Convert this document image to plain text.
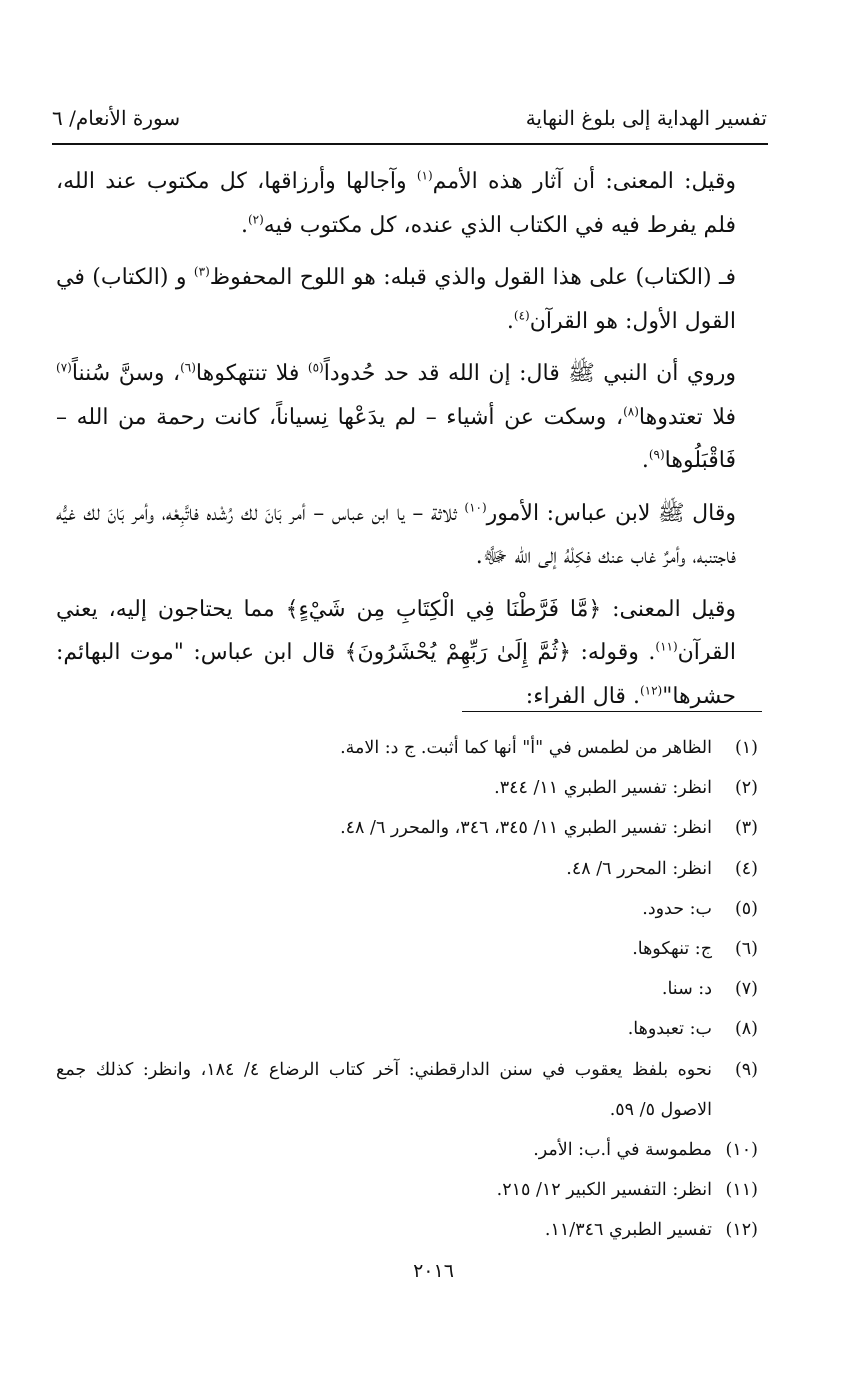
تفسير الهداية إلى بلوغ النهاية
سورة الأنعام/ ٦

وقيل: المعنى: أن آثار هذه الأمم$^{(١)}$ وآجالها وأرزاقها، كل مكتوب عند الله، فلم يفرط فيه في الكتاب الذي عنده، كل مكتوب فيه$^{(٢)}$.

فـ (الكتاب) على هذا القول والذي قبله: هو اللوح المحفوظ$^{(٣)}$ و (الكتاب) في القول الأول: هو القرآن$^{(٤)}$.

وروي أن النبي ﷺ قال: إن الله قد حد حُدوداً$^{(٥)}$ فلا تنتهكوها$^{(٦)}$، وسنَّ سُنناً$^{(٧)}$ فلا تعتدوها$^{(٨)}$، وسكت عن أشياء – لم يدَعْها نِسياناً، كانت رحمة من الله – فَاقْبَلُوها$^{(٩)}$.

وقال ﷺ لابن عباس: الأمور$^{(١٠)}$ ثلاثة – يا ابن عباس – أمر بَانَ لك رُشْده فاتَّبِعْه، وأمر بَانَ لك غيُّه فاجتنبه، وأمرٌ غاب عنك فكِلْهُ إلى الله ﷻ.

وقيل المعنى: ﴿مَّا فَرَّطْنَا فِي الْكِتَابِ مِن شَيْءٍ﴾ مما يحتاجون إليه، يعني القرآن$^{(١١)}$. وقوله: ﴿ثُمَّ إِلَىٰ رَبِّهِمْ يُحْشَرُونَ﴾ قال ابن عباس: "موت البهائم: حشرها"$^{(١٢)}$. قال الفراء:

(١)
الظاهر من لطمس في "أ" أنها كما أثبت. ج د: الامة.
(٢)
انظر: تفسير الطبري ١١/ ٣٤٤.
(٣)
انظر: تفسير الطبري ١١/ ٣٤٥، ٣٤٦، والمحرر ٦/ ٤٨.
(٤)
انظر: المحرر ٦/ ٤٨.
(٥)
ب: حدود.
(٦)
ج: تنهكوها.
(٧)
د: سنا.
(٨)
ب: تعبدوها.
(٩)
نحوه بلفظ يعقوب في سنن الدارقطني: آخر كتاب الرضاع ٤/ ١٨٤، وانظر: كذلك جمع الاصول ٥/ ٥٩.
(١٠)
مطموسة في أ.ب: الأمر.
(١١)
انظر: التفسير الكبير ١٢/ ٢١٥.
(١٢)
تفسير الطبري ١١/٣٤٦.
٢٠١٦
